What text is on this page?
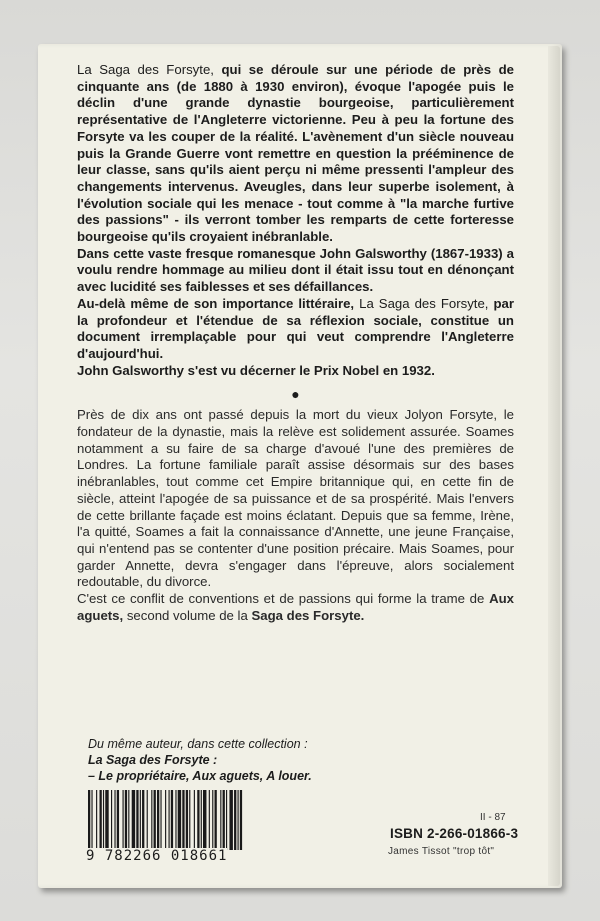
La Saga des Forsyte, qui se déroule sur une période de près de cinquante ans (de 1880 à 1930 environ), évoque l'apogée puis le déclin d'une grande dynastie bourgeoise, particulièrement représentative de l'Angleterre victorienne. Peu à peu la fortune des Forsyte va les couper de la réalité. L'avènement d'un siècle nouveau puis la Grande Guerre vont remettre en question la prééminence de leur classe, sans qu'ils aient perçu ni même pressenti l'ampleur des changements intervenus. Aveugles, dans leur superbe isolement, à l'évolution sociale qui les menace - tout comme à "la marche furtive des passions" - ils verront tomber les remparts de cette forteresse bourgeoise qu'ils croyaient inébranlable.

Dans cette vaste fresque romanesque John Galsworthy (1867-1933) a voulu rendre hommage au milieu dont il était issu tout en dénonçant avec lucidité ses faiblesses et ses défaillances.

Au-delà même de son importance littéraire, La Saga des Forsyte, par la profondeur et l'étendue de sa réflexion sociale, constitue un document irremplaçable pour qui veut comprendre l'Angleterre d'aujourd'hui.

John Galsworthy s'est vu décerner le Prix Nobel en 1932.

●

Près de dix ans ont passé depuis la mort du vieux Jolyon Forsyte, le fondateur de la dynastie, mais la relève est solidement assurée. Soames notamment a su faire de sa charge d'avoué l'une des premières de Londres. La fortune familiale paraît assise désormais sur des bases inébranlables, tout comme cet Empire britannique qui, en cette fin de siècle, atteint l'apogée de sa puissance et de sa prospérité. Mais l'envers de cette brillante façade est moins éclatant. Depuis que sa femme, Irène, l'a quitté, Soames a fait la connaissance d'Annette, une jeune Française, qui n'entend pas se contenter d'une position précaire. Mais Soames, pour garder Annette, devra s'engager dans l'épreuve, alors socialement redoutable, du divorce.

C'est ce conflit de conventions et de passions qui forme la trame de Aux aguets, second volume de la Saga des Forsyte.

Du même auteur, dans cette collection :
La Saga des Forsyte :
– Le propriétaire, Aux aguets, A louer.
9 782266 018661
II - 87
ISBN 2-266-01866-3
James Tissot "trop tôt"
